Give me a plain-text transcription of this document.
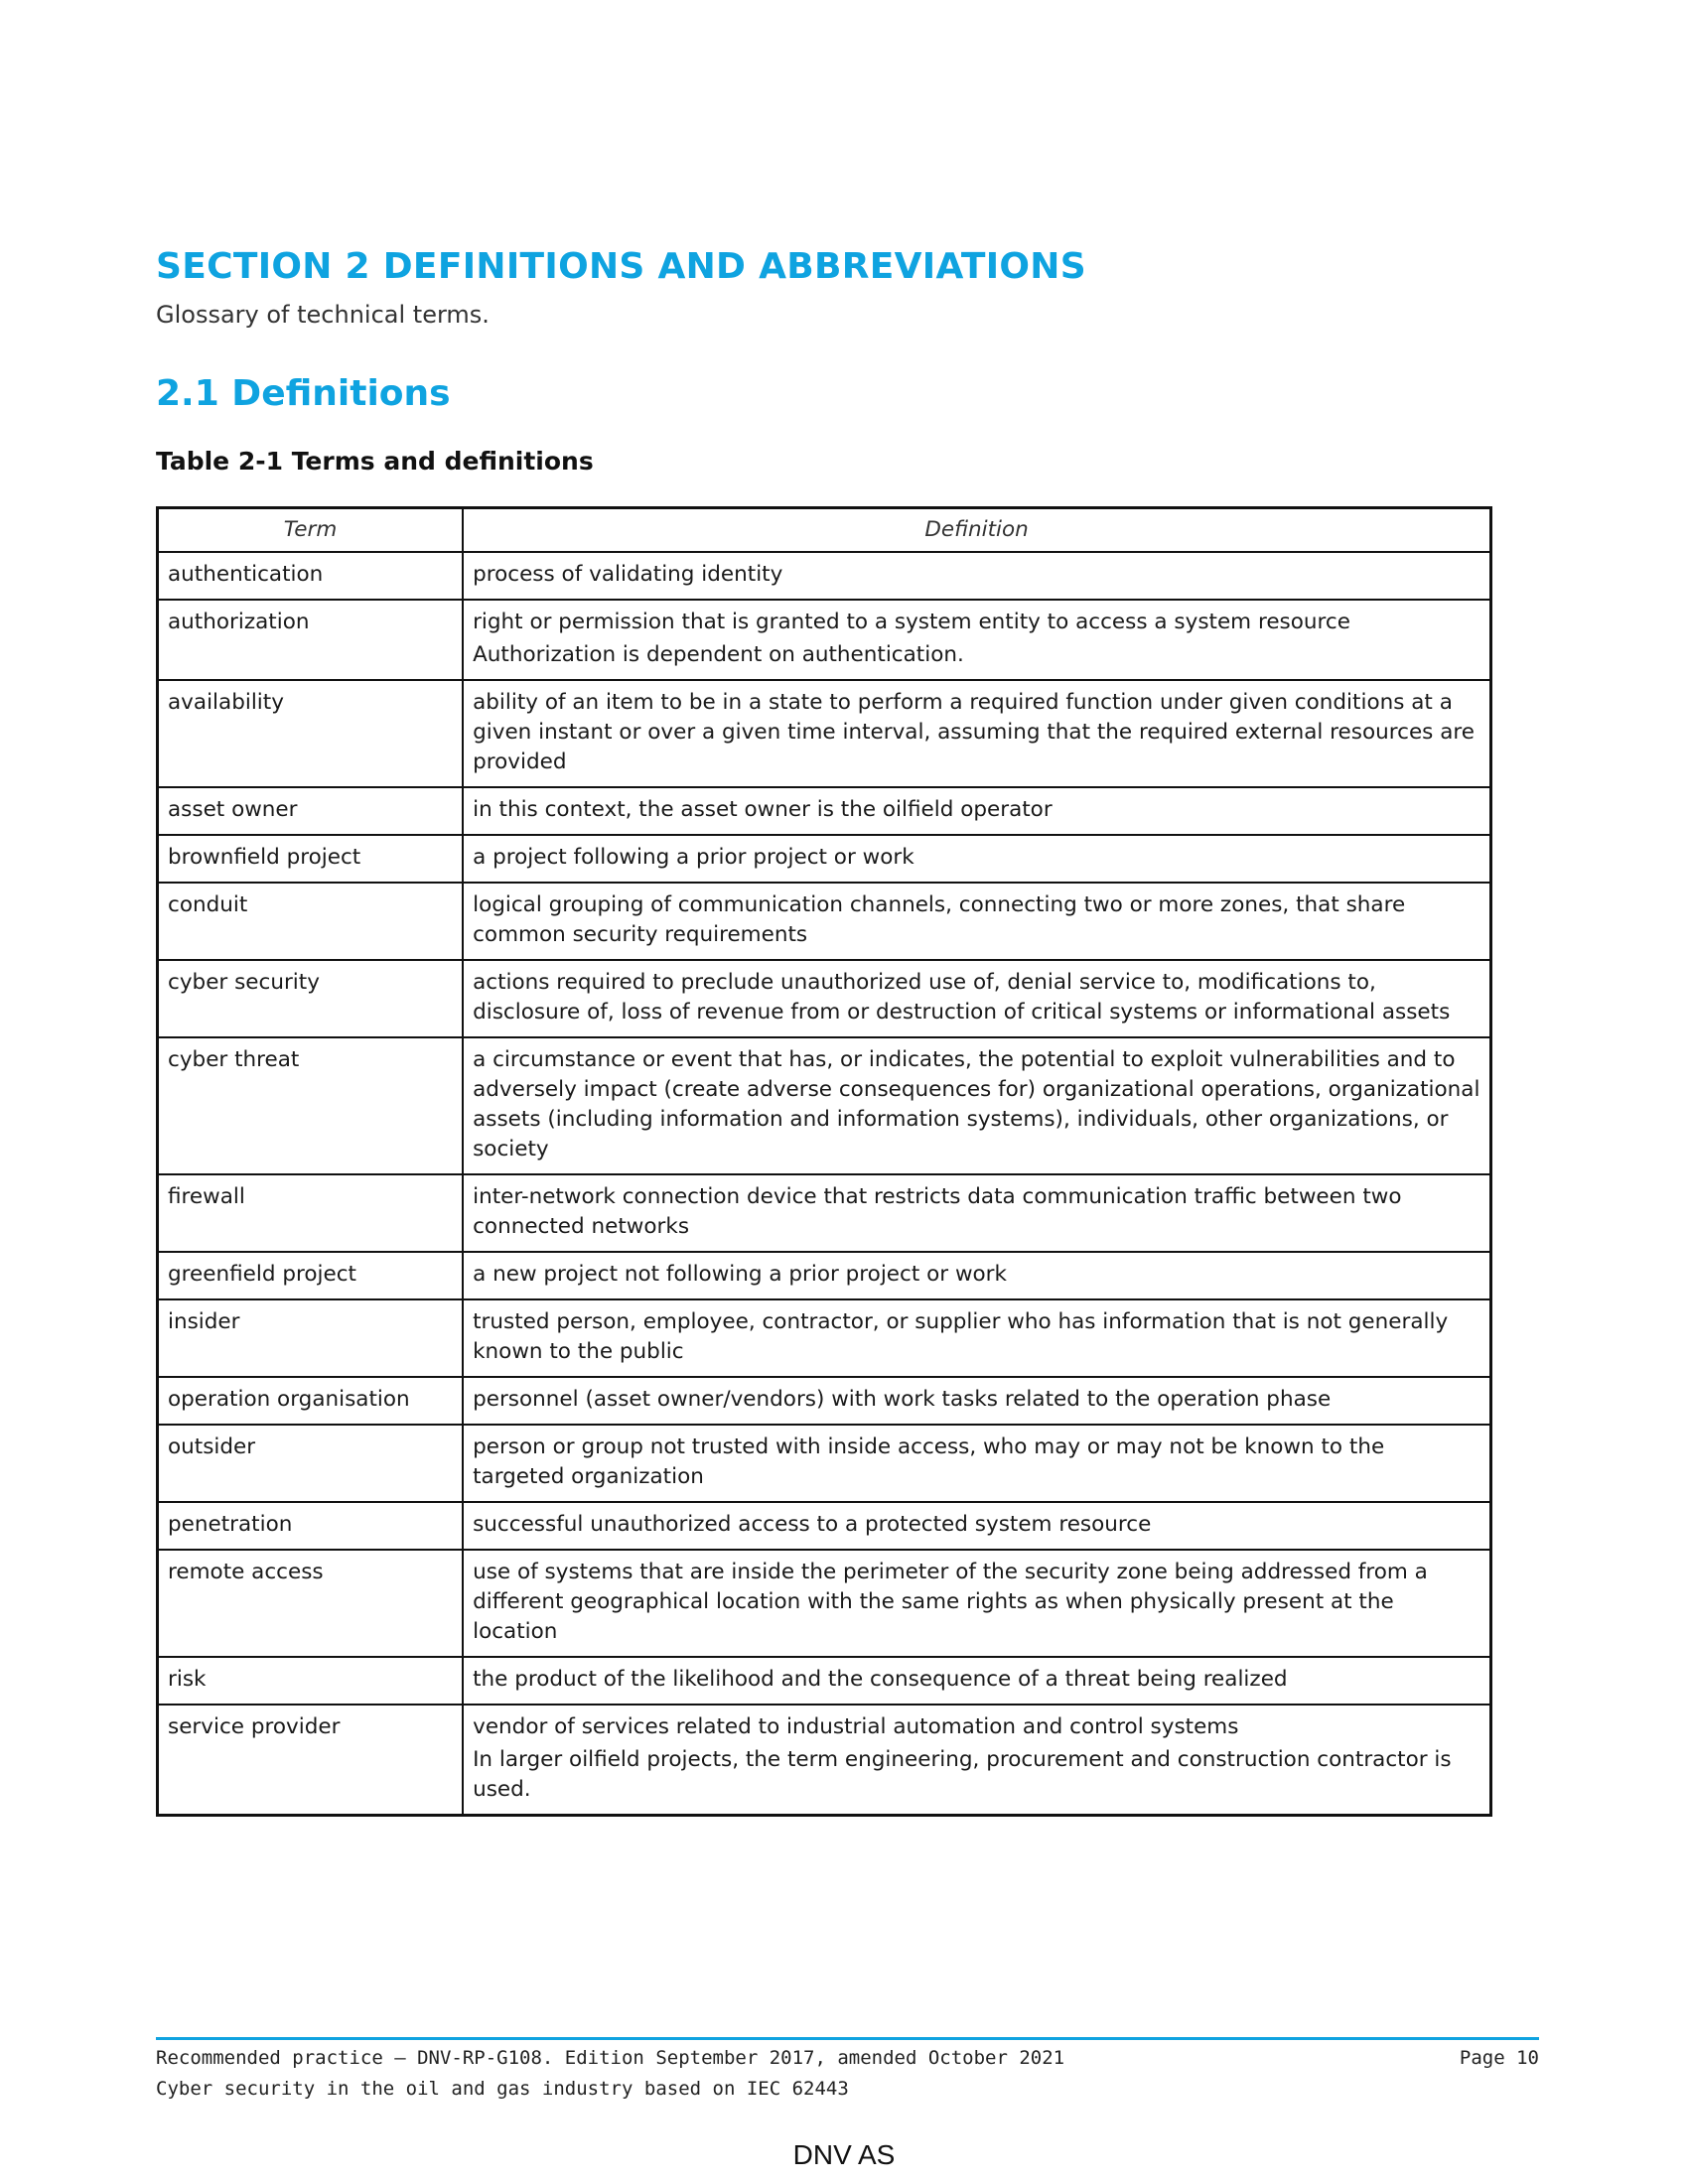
SECTION 2 DEFINITIONS AND ABBREVIATIONS

Glossary of technical terms.

2.1 Definitions

Table 2-1 Terms and definitions

Term	Definition
authentication	process of validating identity

authorization	right or permission that is granted to a system entity to access a system resource
Authorization is dependent on authentication.

availability	ability of an item to be in a state to perform a required function under given conditions at a given instant or over a given time interval, assuming that the required external resources are provided

asset owner	in this context, the asset owner is the oilfield operator

brownfield project	a project following a prior project or work

conduit	logical grouping of communication channels, connecting two or more zones, that share common security requirements

cyber security	actions required to preclude unauthorized use of, denial service to, modifications to, disclosure of, loss of revenue from or destruction of critical systems or informational assets

cyber threat	a circumstance or event that has, or indicates, the potential to exploit vulnerabilities and to adversely impact (create adverse consequences for) organizational operations, organizational assets (including information and information systems), individuals, other organizations, or society

firewall	inter-network connection device that restricts data communication traffic between two connected networks

greenfield project	a new project not following a prior project or work

insider	trusted person, employee, contractor, or supplier who has information that is not generally known to the public

operation organisation	personnel (asset owner/vendors) with work tasks related to the operation phase

outsider	person or group not trusted with inside access, who may or may not be known to the targeted organization

penetration	successful unauthorized access to a protected system resource

remote access	use of systems that are inside the perimeter of the security zone being addressed from a different geographical location with the same rights as when physically present at the location

risk	the product of the likelihood and the consequence of a threat being realized

service provider	vendor of services related to industrial automation and control systems
In larger oilfield projects, the term engineering, procurement and construction contractor is used.
Recommended practice — DNV-RP-G108. Edition September 2017, amended October 2021
Cyber security in the oil and gas industry based on IEC 62443
Page 10
DNV AS
